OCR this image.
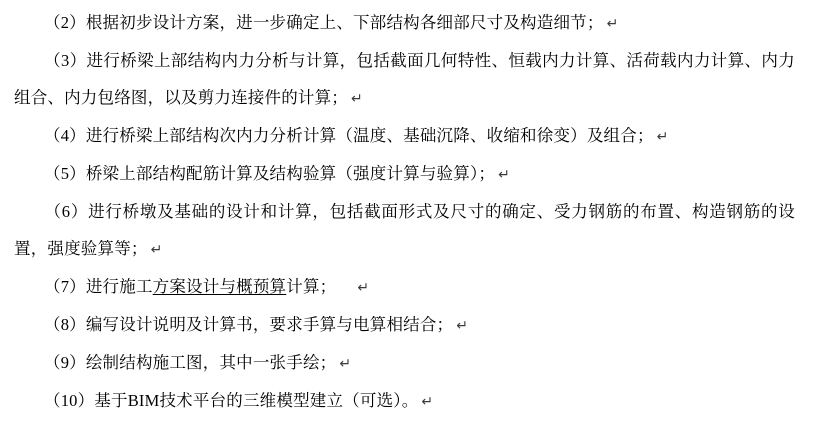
（2）根据初步设计方案，进一步确定上、下部结构各细部尺寸及构造细节； ↵

（3）进行桥梁上部结构内力分析与计算，包括截面几何特性、恒载内力计算、活荷载内力计算、内力组合、内力包络图，以及剪力连接件的计算； ↵

（4）进行桥梁上部结构次内力分析计算（温度、基础沉降、收缩和徐变）及组合； ↵

（5）桥梁上部结构配筋计算及结构验算（强度计算与验算）； ↵

（6）进行桥墩及基础的设计和计算，包括截面形式及尺寸的确定、受力钢筋的布置、构造钢筋的设置，强度验算等； ↵

（7）进行施工方案设计与概预算计算； ↵

（8）编写设计说明及计算书，要求手算与电算相结合； ↵

（9）绘制结构施工图，其中一张手绘； ↵

（10）基于BIM技术平台的三维模型建立（可选）。 ↵
